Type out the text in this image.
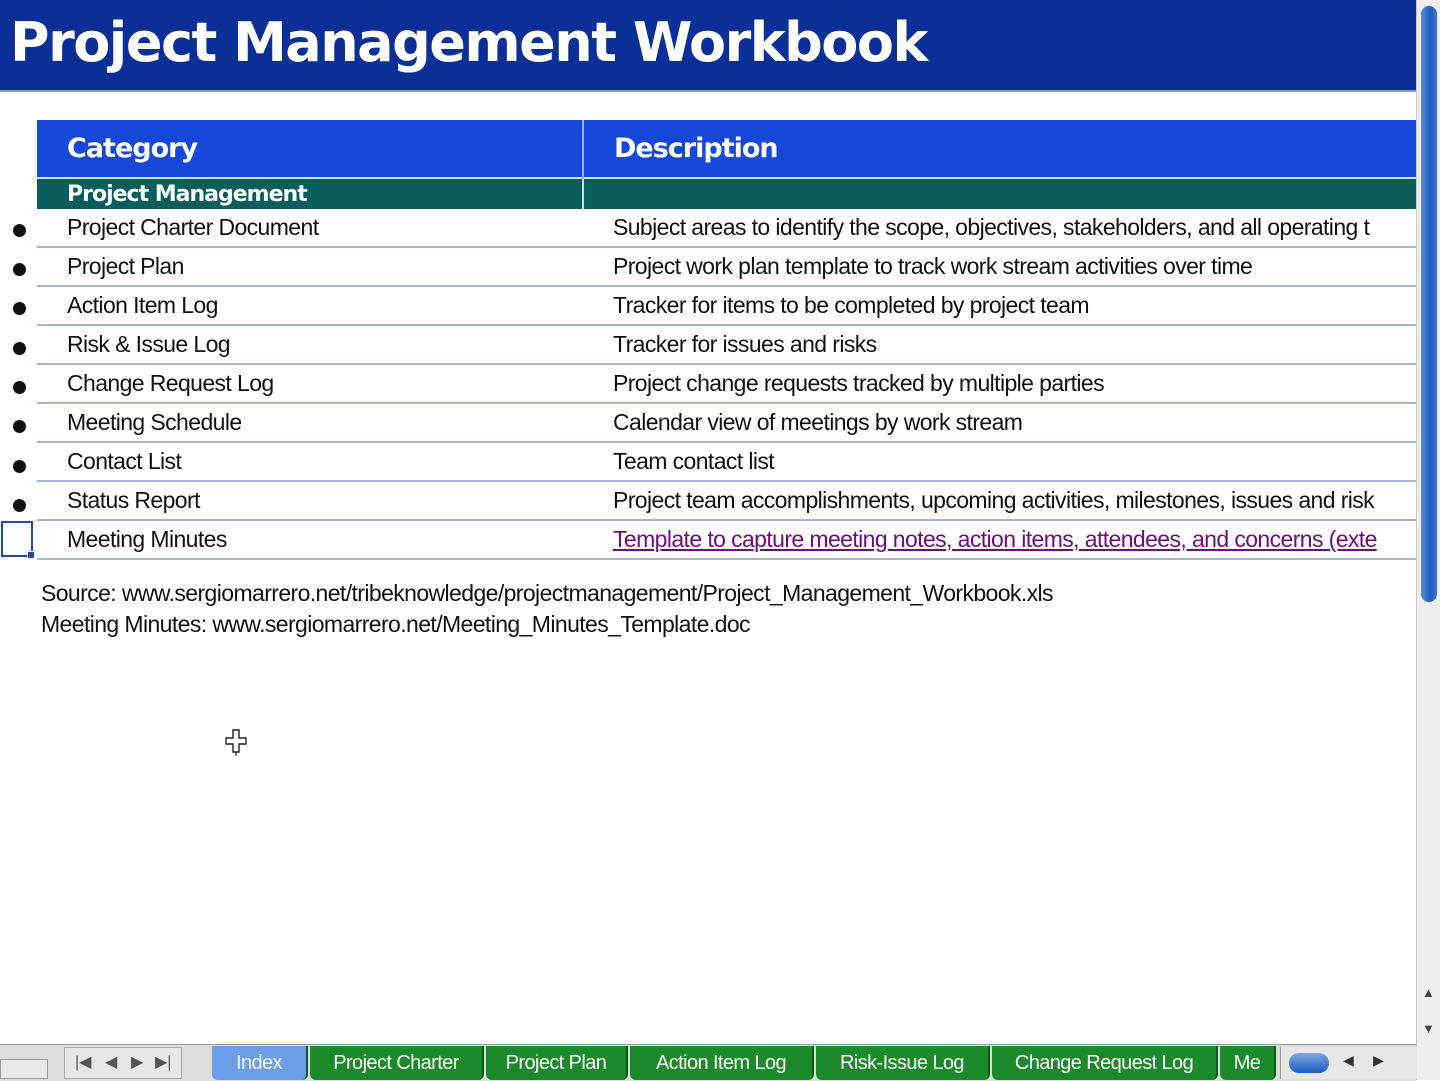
Project Management Workbook
Category	Description
Project Management	
Project Charter Document	Subject areas to identify the scope, objectives, stakeholders, and all operating t
Project Plan	Project work plan template to track work stream activities over time
Action Item Log	Tracker for items to be completed by project team
Risk & Issue Log	Tracker for issues and risks
Change Request Log	Project change requests tracked by multiple parties
Meeting Schedule	Calendar view of meetings by work stream
Contact List	Team contact list
Status Report	Project team accomplishments, upcoming activities, milestones, issues and risk
Meeting Minutes	Template to capture meeting notes, action items, attendees, and concerns (exte
Source: www.sergiomarrero.net/tribeknowledge/projectmanagement/Project_Management_Workbook.xls
Meeting Minutes: www.sergiomarrero.net/Meeting_Minutes_Template.doc
▲
▼
|◀ ◀ ▶ ▶|	Index	Project Charter	Project Plan	Action Item Log	Risk-Issue Log	Change Request Log	Me	◀ ▶
